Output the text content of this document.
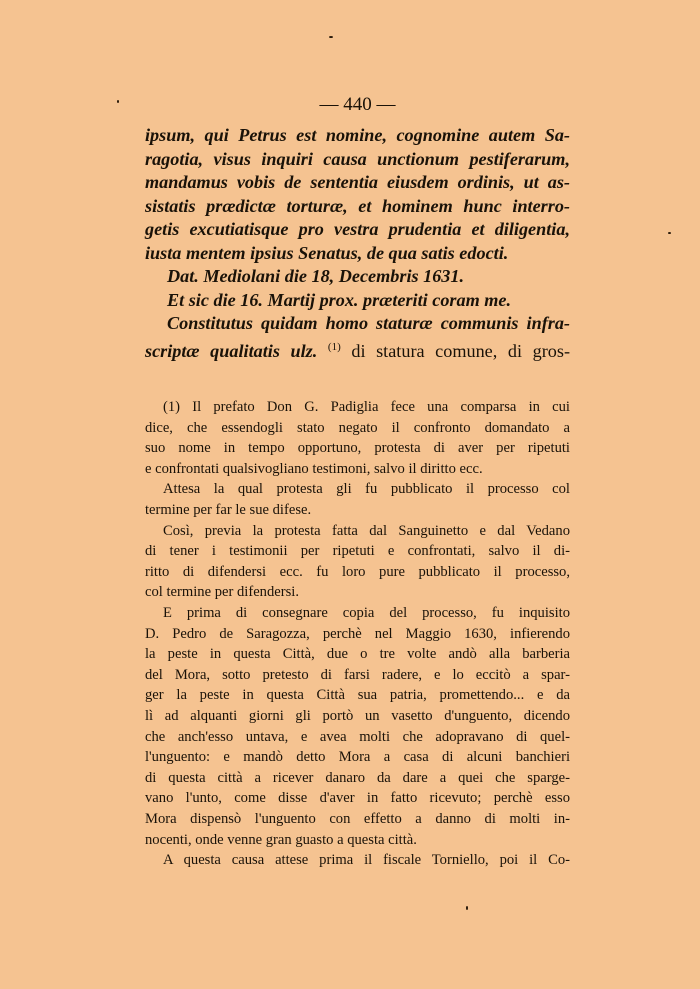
— 440 —
ipsum, qui Petrus est nomine, cognomine autem Sa-
ragotia, visus inquiri causa unctionum pestiferarum,
mandamus vobis de sententia eiusdem ordinis, ut as-
sistatis prædictæ torturæ, et hominem hunc interro-
getis excutiatisque pro vestra prudentia et diligentia,
iusta mentem ipsius Senatus, de qua satis edocti.
Dat. Mediolani die 18, Decembris 1631.
Et sic die 16. Martij prox. præteriti coram me.
Constitutus quidam homo staturæ communis infra-
scriptæ qualitatis ulz. $^{(1)}$ di statura comune, di gros-
(1) Il prefato Don G. Padiglia fece una comparsa in cui
dice, che essendogli stato negato il confronto domandato a
suo nome in tempo opportuno, protesta di aver per ripetuti
e confrontati qualsivogliano testimoni, salvo il diritto ecc.
Attesa la qual protesta gli fu pubblicato il processo col
termine per far le sue difese.
Così, previa la protesta fatta dal Sanguinetto e dal Vedano
di tener i testimonii per ripetuti e confrontati, salvo il di-
ritto di difendersi ecc. fu loro pure pubblicato il processo,
col termine per difendersi.
E prima di consegnare copia del processo, fu inquisito
D. Pedro de Saragozza, perchè nel Maggio 1630, infierendo
la peste in questa Città, due o tre volte andò alla barberia
del Mora, sotto pretesto di farsi radere, e lo eccitò a spar-
ger la peste in questa Città sua patria, promettendo... e da
lì ad alquanti giorni gli portò un vasetto d'unguento, dicendo
che anch'esso untava, e avea molti che adopravano di quel-
l'unguento: e mandò detto Mora a casa di alcuni banchieri
di questa città a ricever danaro da dare a quei che sparge-
vano l'unto, come disse d'aver in fatto ricevuto; perchè esso
Mora dispensò l'unguento con effetto a danno di molti in-
nocenti, onde venne gran guasto a questa città.
A questa causa attese prima il fiscale Torniello, poi il Co-
